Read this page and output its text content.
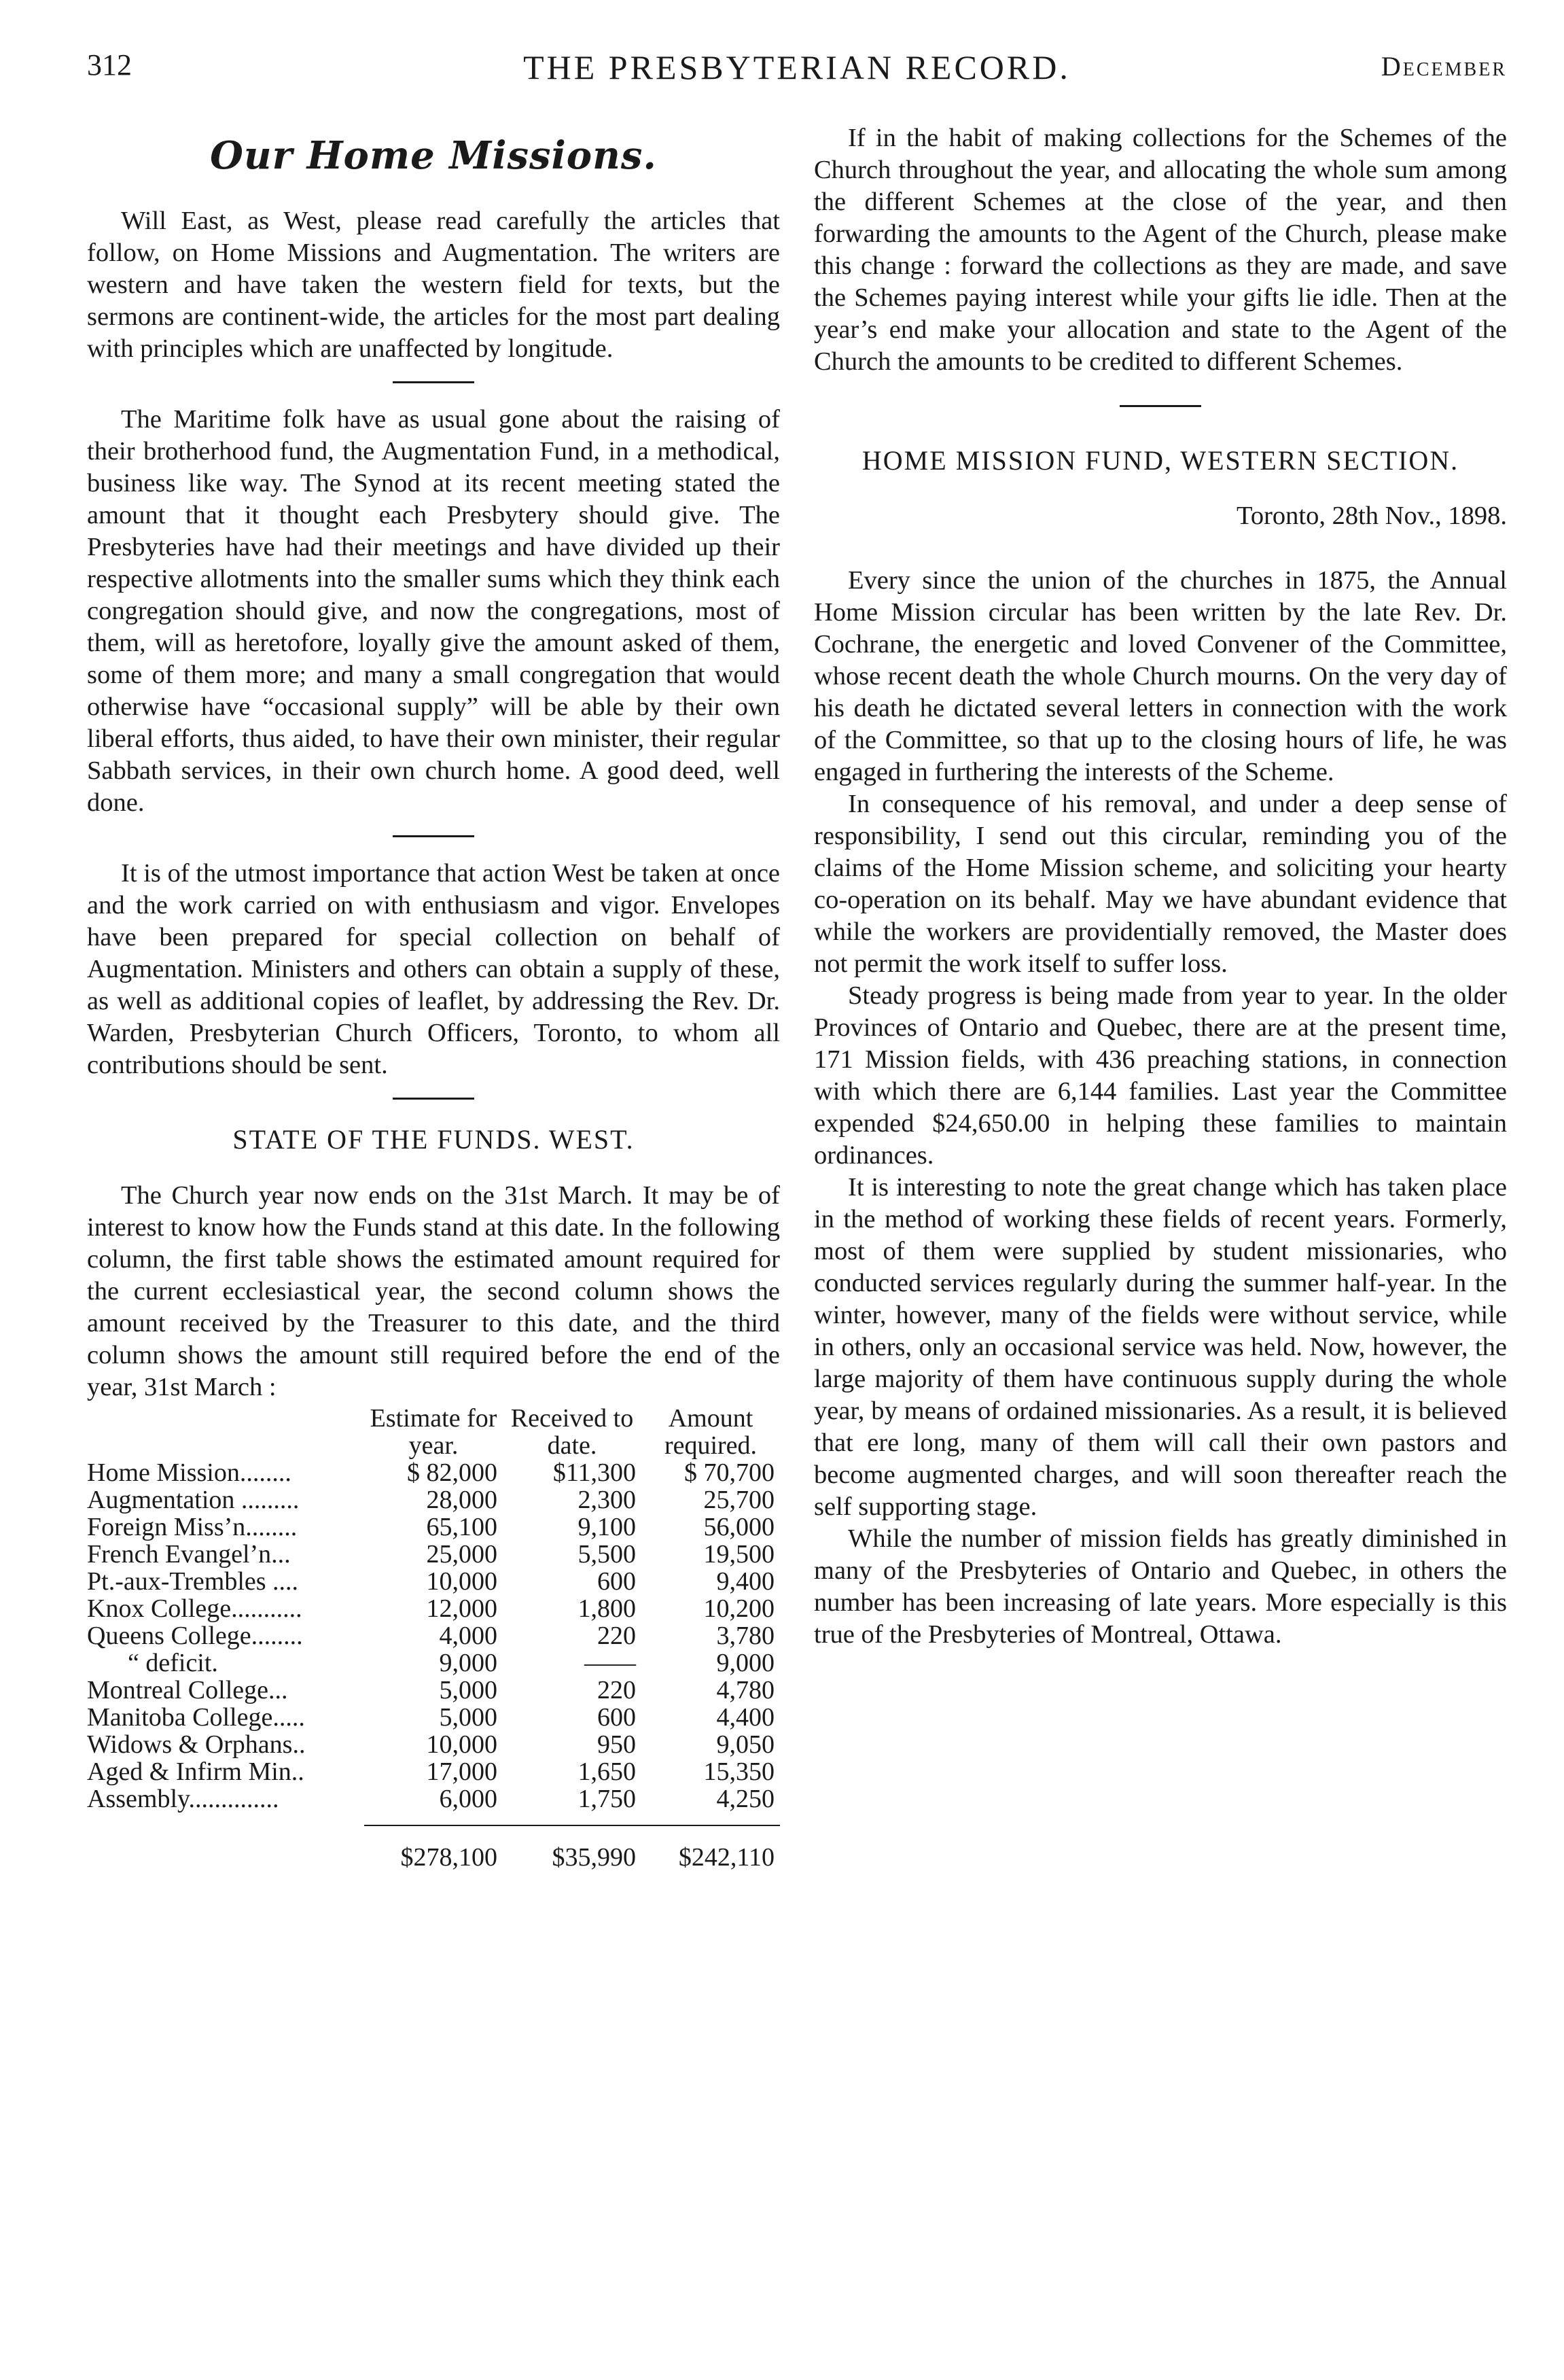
312	THE PRESBYTERIAN RECORD.	December
Our Home Missions.

Will East, as West, please read carefully the articles that follow, on Home Missions and Augmentation. The writers are western and have taken the western field for texts, but the sermons are continent-wide, the articles for the most part dealing with principles which are unaffected by longitude.

The Maritime folk have as usual gone about the raising of their brotherhood fund, the Augmentation Fund, in a methodical, business like way. The Synod at its recent meeting stated the amount that it thought each Presbytery should give. The Presbyteries have had their meetings and have divided up their respective allotments into the smaller sums which they think each congregation should give, and now the congregations, most of them, will as heretofore, loyally give the amount asked of them, some of them more; and many a small congregation that would otherwise have “occasional supply” will be able by their own liberal efforts, thus aided, to have their own minister, their regular Sabbath services, in their own church home. A good deed, well done.

It is of the utmost importance that action West be taken at once and the work carried on with enthusiasm and vigor. Envelopes have been prepared for special collection on behalf of Augmentation. Ministers and others can obtain a supply of these, as well as additional copies of leaflet, by addressing the Rev. Dr. Warden, Presbyterian Church Officers, Toronto, to whom all contributions should be sent.

STATE OF THE FUNDS. WEST.

The Church year now ends on the 31st March. It may be of interest to know how the Funds stand at this date. In the following column, the first table shows the estimated amount required for the current ecclesiastical year, the second column shows the amount received by the Treasurer to this date, and the third column shows the amount still required before the end of the year, 31st March :

	Estimate for year.	Received to date.	Amount required.
Home Mission........	$ 82,000	$11,300	$ 70,700
Augmentation .........	28,000	2,300	25,700
Foreign Miss’n........	65,100	9,100	56,000
French Evangel’n...	25,000	5,500	19,500
Pt.-aux-Trembles ....	10,000	600	9,400
Knox College...........	12,000	1,800	10,200
Queens College........	4,000	220	3,780
“ deficit.	9,000	——	9,000
Montreal College...	5,000	220	4,780
Manitoba College.....	5,000	600	4,400
Widows & Orphans..	10,000	950	9,050
Aged & Infirm Min..	17,000	1,650	15,350
Assembly..............	6,000	1,750	4,250

	$278,100	$35,990	$242,110

If in the habit of making collections for the Schemes of the Church throughout the year, and allocating the whole sum among the different Schemes at the close of the year, and then forwarding the amounts to the Agent of the Church, please make this change : forward the collections as they are made, and save the Schemes paying interest while your gifts lie idle. Then at the year’s end make your allocation and state to the Agent of the Church the amounts to be credited to different Schemes.

HOME MISSION FUND, WESTERN SECTION.
Toronto, 28th Nov., 1898.

Every since the union of the churches in 1875, the Annual Home Mission circular has been written by the late Rev. Dr. Cochrane, the energetic and loved Convener of the Committee, whose recent death the whole Church mourns. On the very day of his death he dictated several letters in connection with the work of the Committee, so that up to the closing hours of life, he was engaged in furthering the interests of the Scheme.

In consequence of his removal, and under a deep sense of responsibility, I send out this circular, reminding you of the claims of the Home Mission scheme, and soliciting your hearty co-operation on its behalf. May we have abundant evidence that while the workers are providentially removed, the Master does not permit the work itself to suffer loss.

Steady progress is being made from year to year. In the older Provinces of Ontario and Quebec, there are at the present time, 171 Mission fields, with 436 preaching stations, in connection with which there are 6,144 families. Last year the Committee expended $24,650.00 in helping these families to maintain ordinances.

It is interesting to note the great change which has taken place in the method of working these fields of recent years. Formerly, most of them were supplied by student missionaries, who conducted services regularly during the summer half-year. In the winter, however, many of the fields were without service, while in others, only an occasional service was held. Now, however, the large majority of them have continuous supply during the whole year, by means of ordained missionaries. As a result, it is believed that ere long, many of them will call their own pastors and become augmented charges, and will soon thereafter reach the self supporting stage.

While the number of mission fields has greatly diminished in many of the Presbyteries of Ontario and Quebec, in others the number has been increasing of late years. More especially is this true of the Presbyteries of Montreal, Ottawa.
